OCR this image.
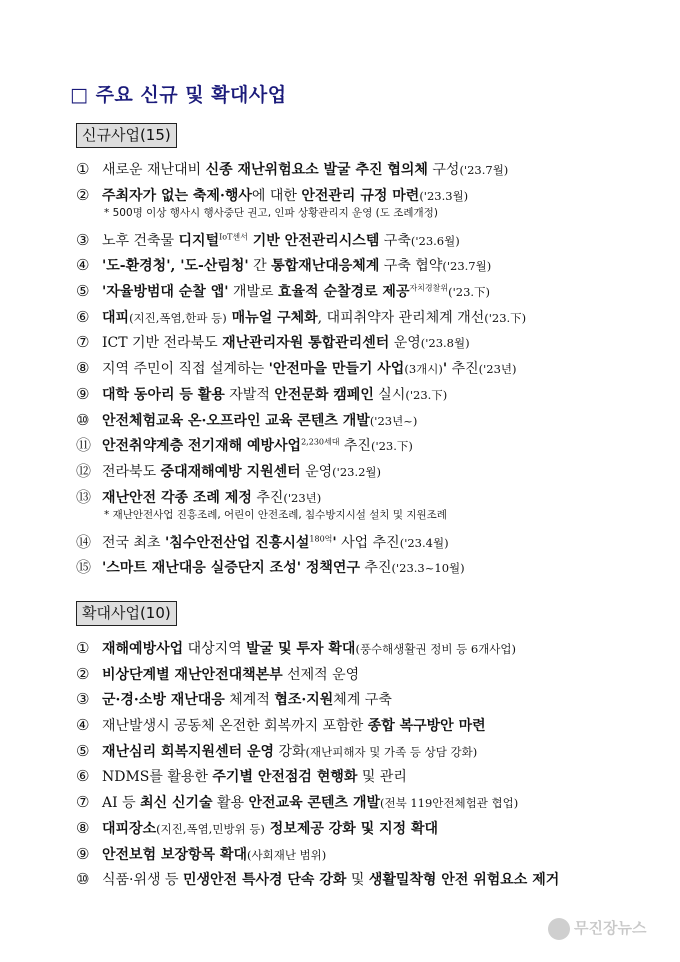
□ 주요 신규 및 확대사업
신규사업(15)
① 새로운 재난대비 신종 재난위험요소 발굴 추진 협의체 구성('23.7월)
② 주최자가 없는 축제·행사에 대한 안전관리 규정 마련('23.3월)
* 500명 이상 행사시 행사중단 권고, 인파 상황관리지 운영 (도 조례개정)
③ 노후 건축물 디지털$^{IoT센서}$ 기반 안전관리시스템 구축('23.6월)
④ '도-환경청', '도-산림청' 간 통합재난대응체계 구축 협약('23.7월)
⑤ '자율방범대 순찰 앱' 개발로 효율적 순찰경로 제공$^{자치경찰위}$('23.下)
⑥ 대피(지진,폭염,한파 등) 매뉴얼 구체화, 대피취약자 관리체계 개선('23.下)
⑦ ICT 기반 전라북도 재난관리자원 통합관리센터 운영('23.8월)
⑧ 지역 주민이 직접 설계하는 '안전마을 만들기 사업(3개시)' 추진('23년)
⑨ 대학 동아리 등 활용 자발적 안전문화 캠페인 실시('23.下)
⑩ 안전체험교육 온·오프라인 교육 콘텐츠 개발('23년~)
⑪ 안전취약계층 전기재해 예방사업$^{2,230세대}$ 추진('23.下)
⑫ 전라북도 중대재해예방 지원센터 운영('23.2월)
⑬ 재난안전 각종 조례 제정 추진('23년)
* 재난안전사업 진흥조례, 어린이 안전조례, 침수방지시설 설치 및 지원조례
⑭ 전국 최초 '침수안전산업 진흥시설$^{180억}$' 사업 추진('23.4월)
⑮ '스마트 재난대응 실증단지 조성' 정책연구 추진('23.3~10월)
확대사업(10)
① 재해예방사업 대상지역 발굴 및 투자 확대(풍수해생활권 정비 등 6개사업)
② 비상단계별 재난안전대책본부 선제적 운영
③ 군·경·소방 재난대응 체계적 협조·지원체계 구축
④ 재난발생시 공동체 온전한 회복까지 포함한 종합 복구방안 마련
⑤ 재난심리 회복지원센터 운영 강화(재난피해자 및 가족 등 상담 강화)
⑥ NDMS를 활용한 주기별 안전점검 현행화 및 관리
⑦ AI 등 최신 신기술 활용 안전교육 콘텐츠 개발(전북 119안전체험관 협업)
⑧ 대피장소(지진,폭염,민방위 등) 정보제공 강화 및 지정 확대
⑨ 안전보험 보장항목 확대(사회재난 범위)
⑩ 식품·위생 등 민생안전 특사경 단속 강화 및 생활밀착형 안전 위험요소 제거
무진장뉴스
